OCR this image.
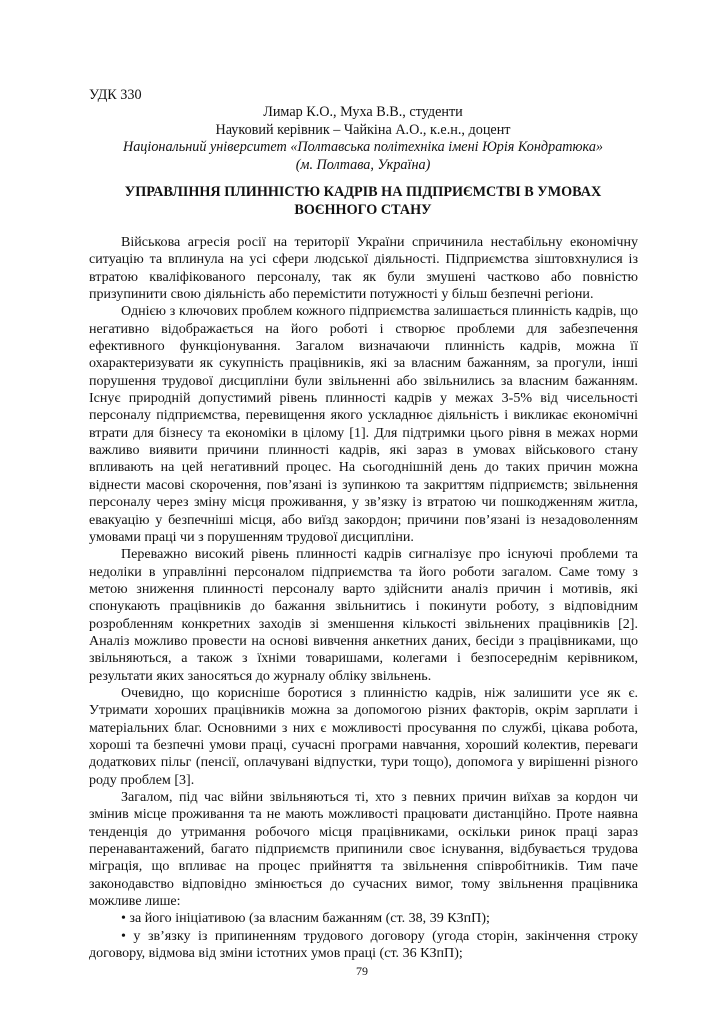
УДК 330
Лимар К.О., Муха В.В., студенти
Науковий керівник – Чайкіна А.О., к.е.н., доцент
Національний університет «Полтавська політехніка імені Юрія Кондратюка»
(м. Полтава, Україна)
УПРАВЛІННЯ ПЛИННІСТЮ КАДРІВ НА ПІДПРИЄМСТВІ В УМОВАХ
ВОЄННОГО СТАНУ

Військова агресія росії на території України спричинила нестабільну економічну ситуацію та вплинула на усі сфери людської діяльності. Підприємства зіштовхнулися із втратою кваліфікованого персоналу, так як були змушені частково або повністю призупинити свою діяльність або перемістити потужності у більш безпечні регіони.

Однією з ключових проблем кожного підприємства залишається плинність кадрів, що негативно відображається на його роботі і створює проблеми для забезпечення ефективного функціонування. Загалом визначаючи плинність кадрів, можна її охарактеризувати як сукупність працівників, які за власним бажанням, за прогули, інші порушення трудової дисципліни були звільненні або звільнились за власним бажанням. Існує природній допустимий рівень плинності кадрів у межах 3-5% від чисельності персоналу підприємства, перевищення якого ускладнює діяльність і викликає економічні втрати для бізнесу та економіки в цілому [1]. Для підтримки цього рівня в межах норми важливо виявити причини плинності кадрів, які зараз в умовах військового стану впливають на цей негативний процес. На сьогоднішній день до таких причин можна віднести масові скорочення, пов’язані із зупинкою та закриттям підприємств; звільнення персоналу через зміну місця проживання, у зв’язку із втратою чи пошкодженням житла, евакуацію у безпечніші місця, або виїзд закордон; причини пов’язані із незадоволенням умовами праці чи з порушенням трудової дисципліни.

Переважно високий рівень плинності кадрів сигналізує про існуючі проблеми та недоліки в управлінні персоналом підприємства та його роботи загалом. Саме тому з метою зниження плинності персоналу варто здійснити аналіз причин і мотивів, які спонукають працівників до бажання звільнитись і покинути роботу, з відповідним розробленням конкретних заходів зі зменшення кількості звільнених працівників [2]. Аналіз можливо провести на основі вивчення анкетних даних, бесіди з працівниками, що звільняються, а також з їхніми товаришами, колегами і безпосереднім керівником, результати яких заносяться до журналу обліку звільнень.

Очевидно, що корисніше боротися з плинністю кадрів, ніж залишити усе як є. Утримати хороших працівників можна за допомогою різних факторів, окрім зарплати і матеріальних благ. Основними з них є можливості просування по службі, цікава робота, хороші та безпечні умови праці, сучасні програми навчання, хороший колектив, переваги додаткових пільг (пенсії, оплачувані відпустки, тури тощо), допомога у вирішенні різного роду проблем [3].

Загалом, під час війни звільняються ті, хто з певних причин виїхав за кордон чи змінив місце проживання та не мають можливості працювати дистанційно. Проте наявна тенденція до утримання робочого місця працівниками, оскільки ринок праці зараз перенавантажений, багато підприємств припинили своє існування, відбувається трудова міграція, що впливає на процес прийняття та звільнення співробітників. Тим паче законодавство відповідно змінюється до сучасних вимог, тому звільнення працівника можливе лише:

• за його ініціативою (за власним бажанням (ст. 38, 39 КЗпП);

• у зв’язку із припиненням трудового договору (угода сторін, закінчення строку договору, відмова від зміни істотних умов праці (ст. 36 КЗпП);

79
